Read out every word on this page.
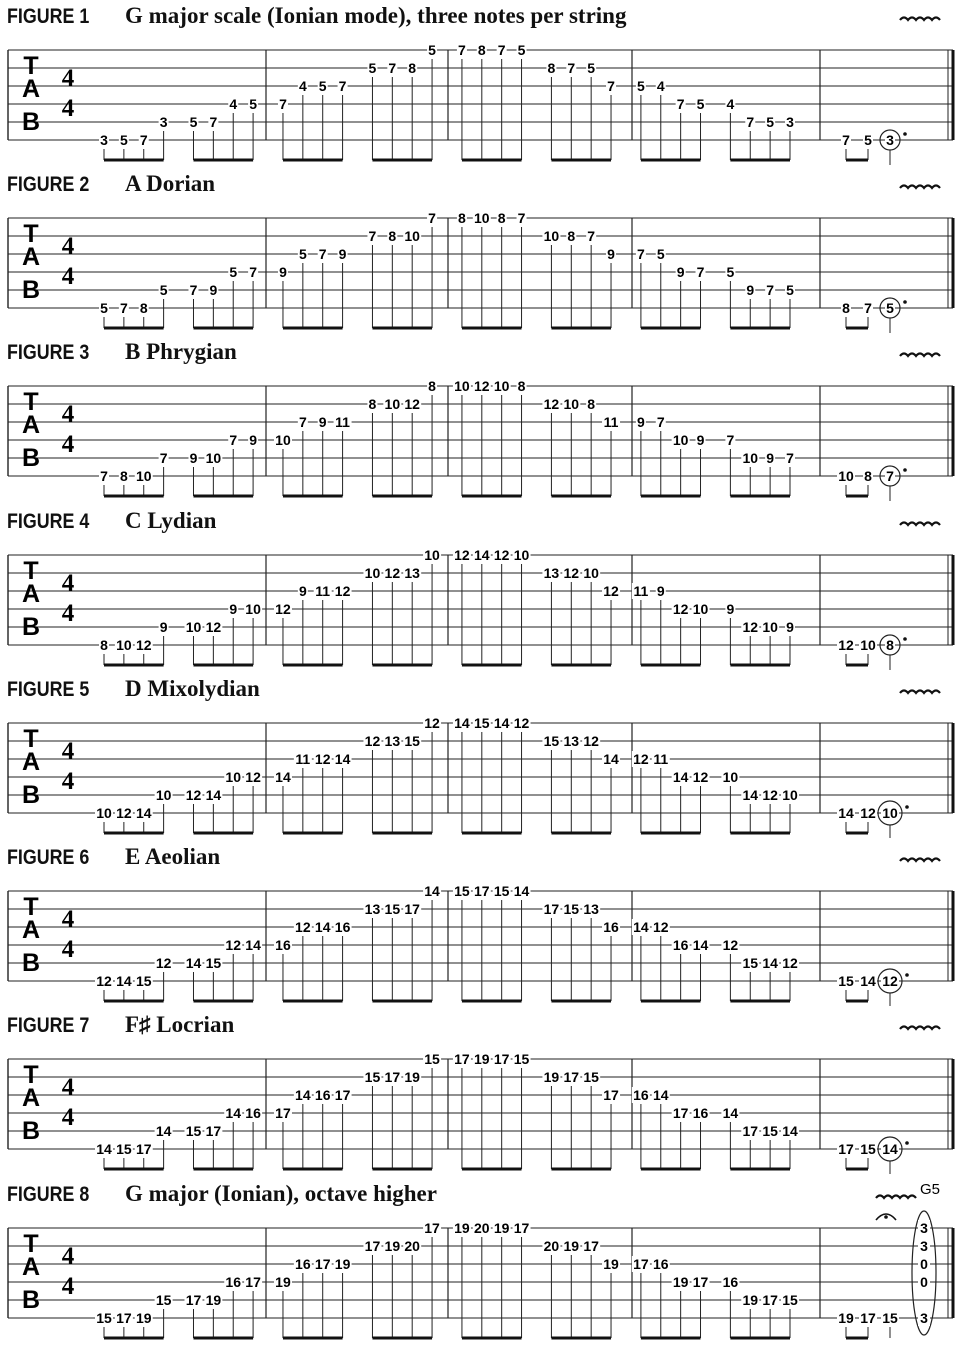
FIGURE 1 G major scale (Ionian mode), three notes per string
T
A
B
4
4
3 5 7
3 5 7
4 5 7
4 5 7
5 7 8
5 7 8 7 5
8 7 5
7 5 4
7 5 4
7 5 3
7 5 3
FIGURE 2 A Dorian
T
A
B
4
4
5 7 8
5 7 9
5 7 9
5 7 9
7 8 10
7 8 10 8 7
10 8 7
9 7 5
9 7 5
9 7 5
8 7 5
FIGURE 3 B Phrygian
T
A
B
4
4
7 8 10
7 9 10
7 9 10
7 9 11
8 10 12
8 10 12 10 8
12 10 8
11 9 7
10 9 7
10 9 7
10 8 7
FIGURE 4 C Lydian
T
A
B
4
4
8 10 12
9 10 12
9 10 12
9 11 12
10 12 13
10 12 14 12 10
13 12 10
12 11 9
12 10 9
12 10 9
12 10 8
FIGURE 5 D Mixolydian
T
A
B
4
4
10 12 14
10 12 14
10 12 14
11 12 14
12 13 15
12 14 15 14 12
15 13 12
14 12 11
14 12 10
14 12 10
14 12 10
FIGURE 6 E Aeolian
T
A
B
4
4
12 14 15
12 14 15
12 14 16
12 14 16
13 15 17
14 15 17 15 14
17 15 13
16 14 12
16 14 12
15 14 12
15 14 12
FIGURE 7 F♯ Locrian
T
A
B
4
4
14 15 17
14 15 17
14 16 17
14 16 17
15 17 19
15 17 19 17 15
19 17 15
17 16 14
17 16 14
17 15 14
17 15 14
FIGURE 8 G major (Ionian), octave higher
T
A
B
4
4
15 17 19
15 17 19
16 17 19
16 17 19
17 19 20
17 19 20 19 17
20 19 17
19 17 16
19 17 16
19 17 15
19 17 15
G5
3
3
0
0
3
